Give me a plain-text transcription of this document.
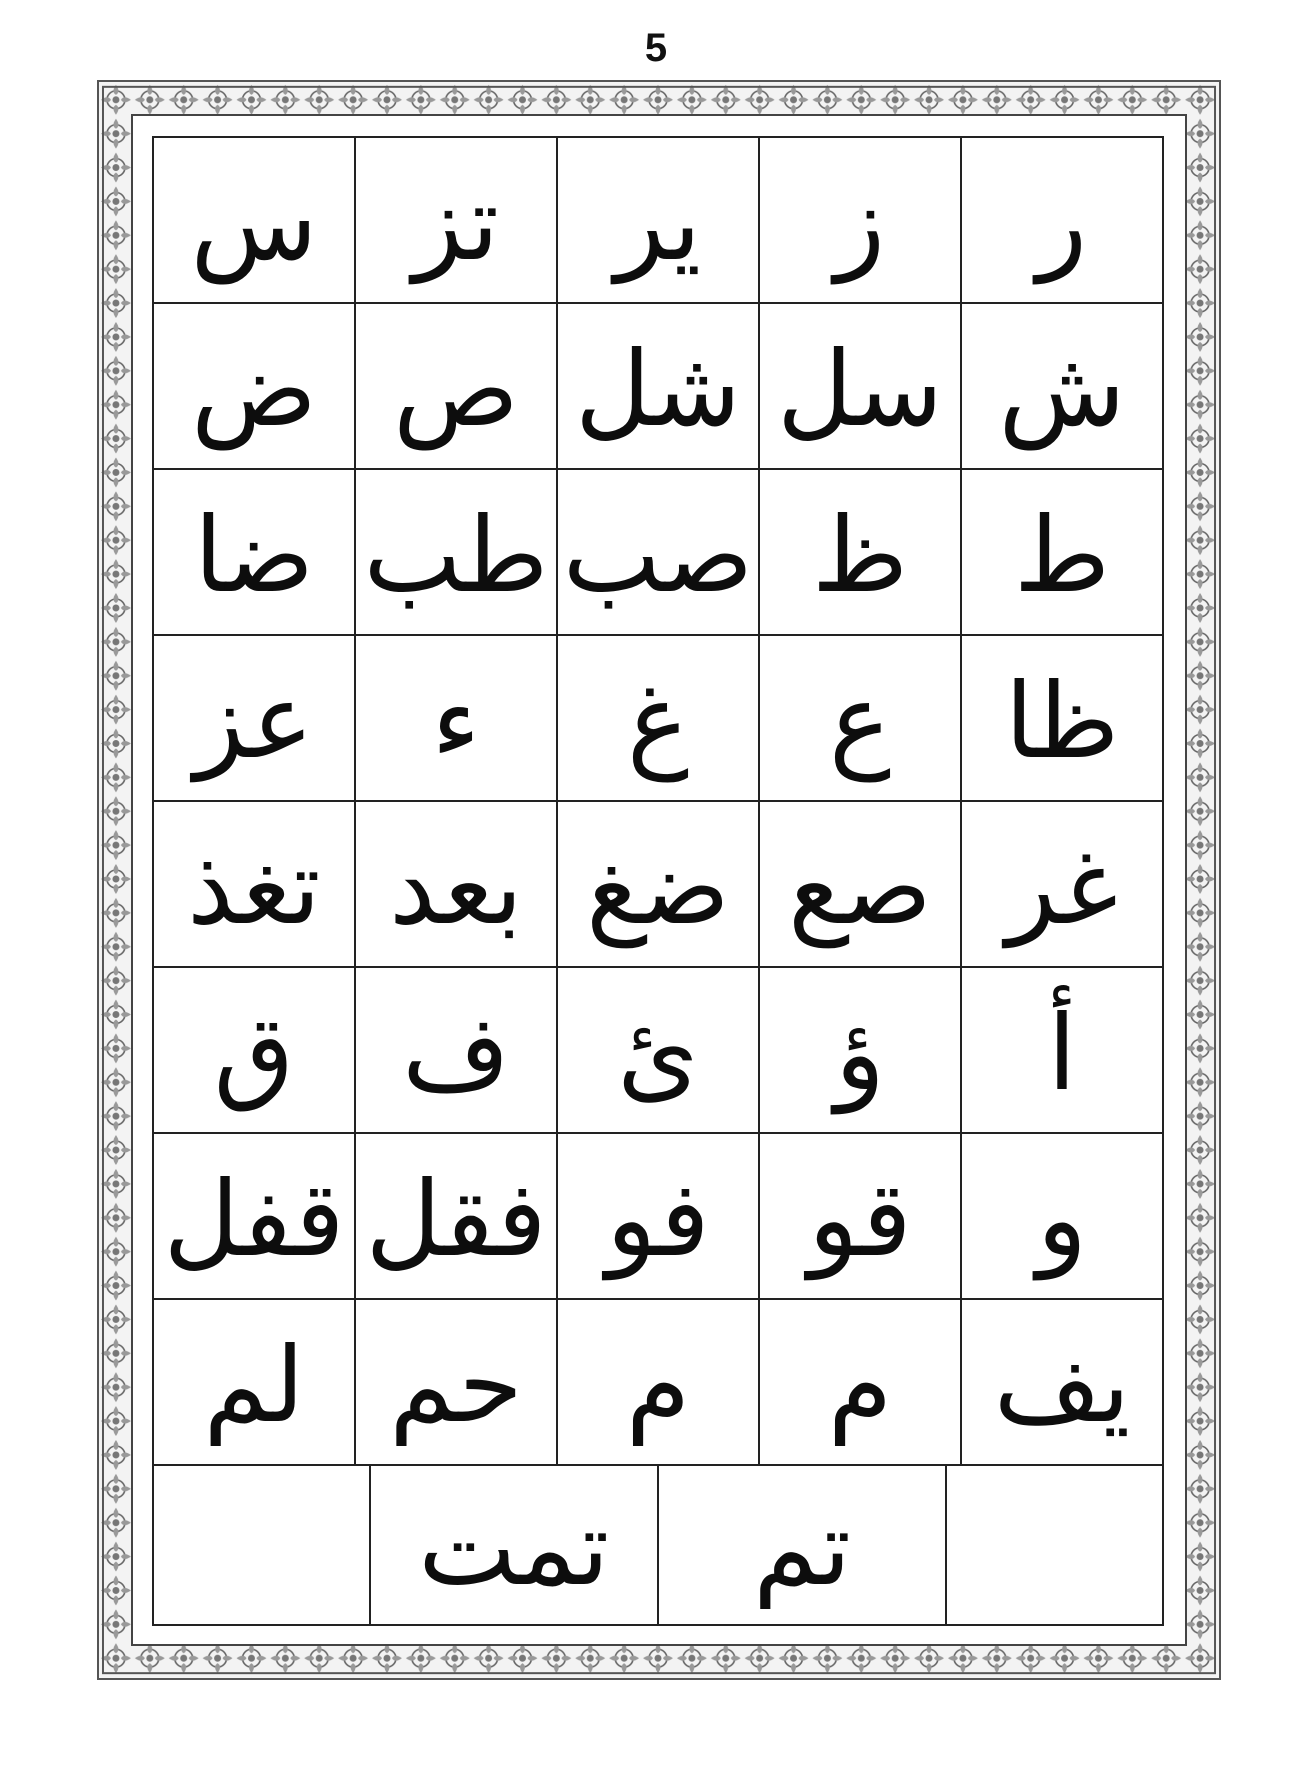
5
ر
ز
ير
تز
س
ش
سل
شل
ص
ض
ط
ظ
صب
طب
ضا
ظا
ع
غ
ء
عز
غر
صع
ضغ
بعد
تغذ
أ
ؤ
ئ
ف
ق
و
قو
فو
فقل
قفل
يف
م
م
حم
لم
تم
تمت
